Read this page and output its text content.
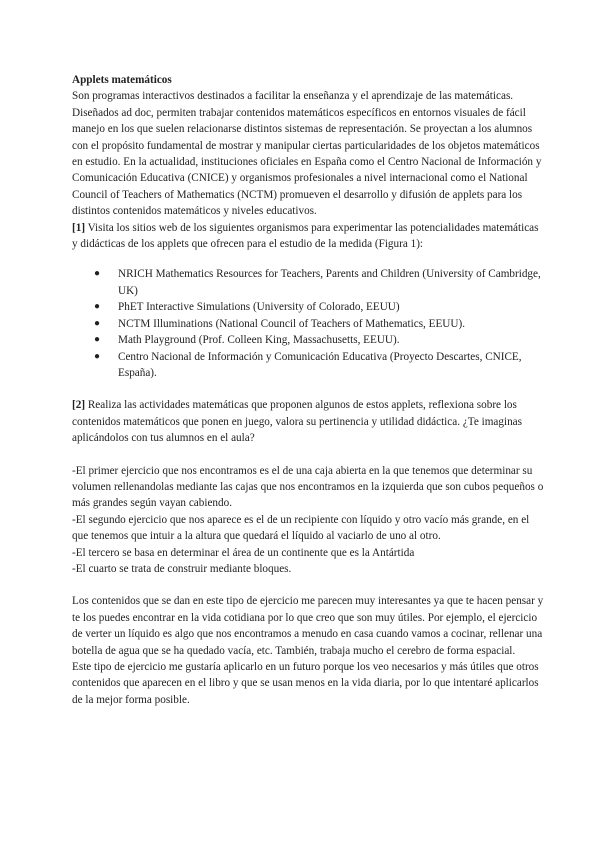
Applets matemáticos

Son programas interactivos destinados a facilitar la enseñanza y el aprendizaje de las matemáticas. Diseñados ad doc, permiten trabajar contenidos matemáticos específicos en entornos visuales de fácil manejo en los que suelen relacionarse distintos sistemas de representación. Se proyectan a los alumnos con el propósito fundamental de mostrar y manipular ciertas particularidades de los objetos matemáticos en estudio. En la actualidad, instituciones oficiales en España como el Centro Nacional de Información y Comunicación Educativa (CNICE) y organismos profesionales a nivel internacional como el National Council of Teachers of Mathematics (NCTM) promueven el desarrollo y difusión de applets para los distintos contenidos matemáticos y niveles educativos.

[1] Visita los sitios web de los siguientes organismos para experimentar las potencialidades matemáticas y didácticas de los applets que ofrecen para el estudio de la medida (Figura 1):

● NRICH Mathematics Resources for Teachers, Parents and Children (University of Cambridge, UK)
● PhET Interactive Simulations (University of Colorado, EEUU)
● NCTM Illuminations (National Council of Teachers of Mathematics, EEUU).
● Math Playground (Prof. Colleen King, Massachusetts, EEUU).
● Centro Nacional de Información y Comunicación Educativa (Proyecto Descartes, CNICE, España).

[2] Realiza las actividades matemáticas que proponen algunos de estos applets, reflexiona sobre los contenidos matemáticos que ponen en juego, valora su pertinencia y utilidad didáctica. ¿Te imaginas aplicándolos con tus alumnos en el aula?

-El primer ejercicio que nos encontramos es el de una caja abierta en la que tenemos que determinar su volumen rellenandolas mediante las cajas que nos encontramos en la izquierda que son cubos pequeños o más grandes según vayan cabiendo.

-El segundo ejercicio que nos aparece es el de un recipiente con líquido y otro vacío más grande, en el que tenemos que intuir a la altura que quedará el líquido al vaciarlo de uno al otro.

-El tercero se basa en determinar el área de un continente que es la Antártida

-El cuarto se trata de construir mediante bloques.

Los contenidos que se dan en este tipo de ejercicio me parecen muy interesantes ya que te hacen pensar y te los puedes encontrar en la vida cotidiana por lo que creo que son muy útiles. Por ejemplo, el ejercicio de verter un líquido es algo que nos encontramos a menudo en casa cuando vamos a cocinar, rellenar una botella de agua que se ha quedado vacía, etc. También, trabaja mucho el cerebro de forma espacial.

Este tipo de ejercicio me gustaría aplicarlo en un futuro porque los veo necesarios y más útiles que otros contenidos que aparecen en el libro y que se usan menos en la vida diaria, por lo que intentaré aplicarlos de la mejor forma posible.
